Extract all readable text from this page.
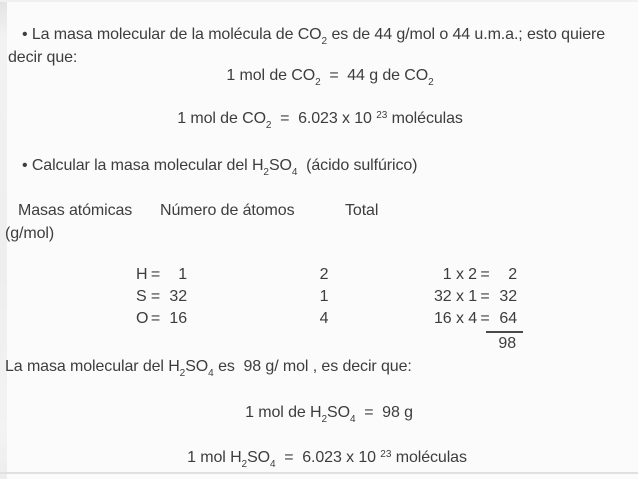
• La masa molecular de la molécula de $CO_2$ es de 44 g/mol o 44 u.m.a.; esto quiere
decir que:
1 mol de $CO_2 = 44$ g de $CO_2$
1 mol de $CO_2 = 6.023$ x 10 $^{23}$ moléculas
• Calcular la masa molecular del $H_2SO_4$  (ácido sulfúrico)
Masas atómicas Número de átomos	Total
(g/mol)
H =	1	2	1 x 2 =	2
S = 32	1	32 x 1 = 32
O = 16	4	16 x 4 = 64
98
La masa molecular del $H_2SO_4$ es  98 g/ mol , es decir que:
1 mol de $H_2SO_4 = 98$ g
1 mol $H_2SO_4 = 6.023$ x 10 $^{23}$ moléculas
